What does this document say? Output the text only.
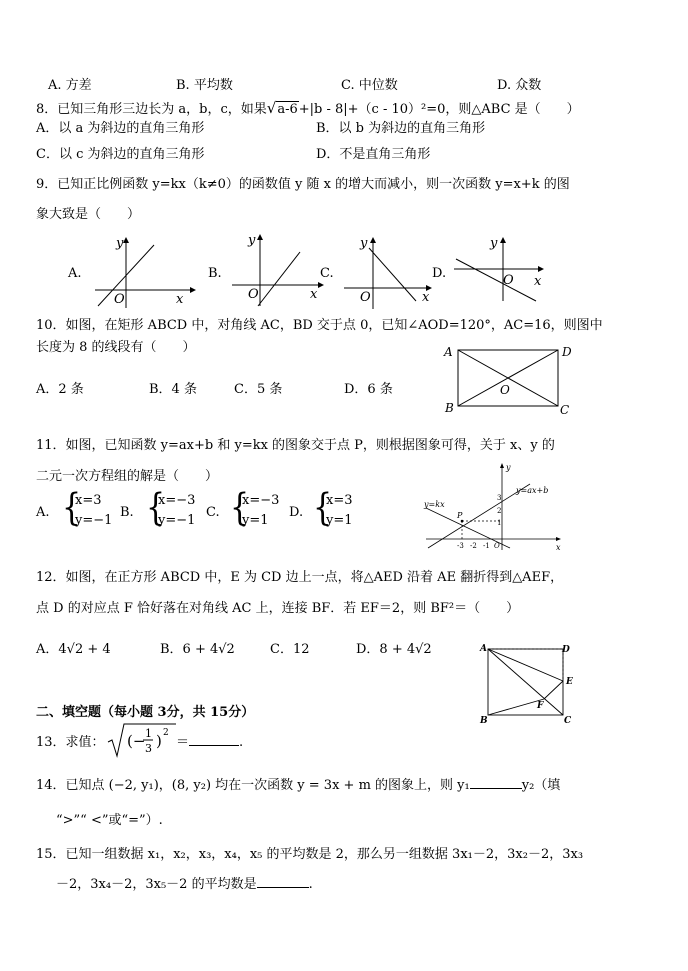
A. 方差	B. 平均数	C. 中位数	D. 众数
8．已知三角形三边长为 a，b，c，如果√a-6+|b - 8|+（c - 10）²=0，则△ABC 是（　　）
A．以 a 为斜边的直角三角形	B．以 b 为斜边的直角三角形
C．以 c 为斜边的直角三角形	D．不是直角三角形
9．已知正比例函数 y=kx（k≠0）的函数值 y 随 x 的增大而减小，则一次函数 y=x+k 的图
象大致是（　　）
A.	B.	C.	D.
y
x
O
y
x
O
y
x
O
y
x
O
10．如图，在矩形 ABCD 中，对角线 AC，BD 交于点 0，已知∠AOD=120°，AC=16，则图中
长度为 8 的线段有（　　）
A．2 条	B．4 条	C．5 条	D．6 条
A	D
B	C
O
11．如图，已知函数 y=ax+b 和 y=kx 的图象交于点 P，则根据图象可得，关于 x、y 的
二元一次方程组的解是（　　）
A. {
x=3
y=−1
B. {
x=−3
y=−1
C. {
x=−3
y=1
D. {
x=3
y=1
y=ax+b
y=kx
P
-3 -2 -1 O
3
2
1
x
y
12．如图，在正方形 ABCD 中，E 为 CD 边上一点，将△AED 沿着 AE 翻折得到△AEF，
点 D 的对应点 F 恰好落在对角线 AC 上，连接 BF．若 EF＝2，则 BF²＝（　　）
A．4√2 + 4	B．6 + 4√2	C．12	D．8 + 4√2	A	D
B	C
E
F
二、填空题（每小题 3分，共 15分）
13．求值： (− 1
3 ) 2
＝	.
14．已知点 (−2, y₁)，(8, y₂) 均在一次函数 y = 3x + m 的图象上，则 y₁	y₂（填
“>”“ <”或“=”）.
15．已知一组数据 x₁，x₂，x₃，x₄，x₅ 的平均数是 2，那么另一组数据 3x₁－2，3x₂－2，3x₃
－2，3x₄－2，3x₅－2 的平均数是	.
